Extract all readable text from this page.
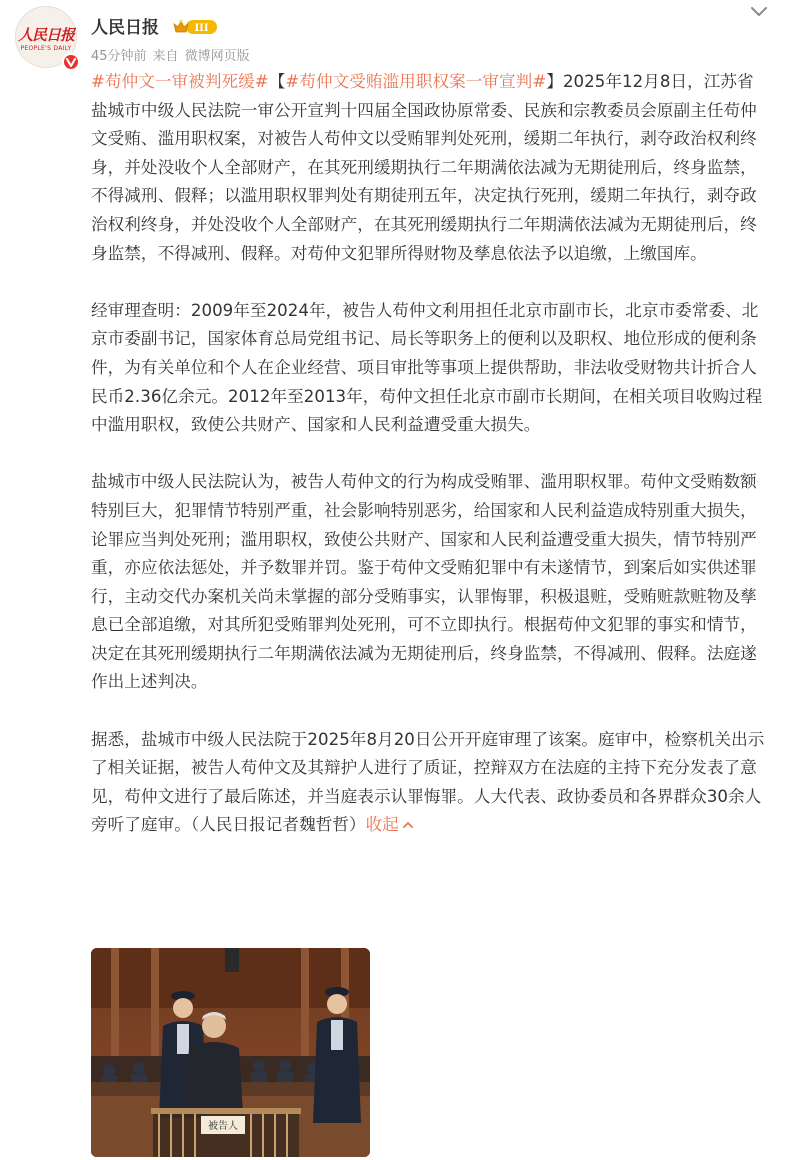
人民日报
PEOPLE'S DAILY
人民日报	III
45分钟前 来自 微博网页版

#苟仲文一审被判死缓#【#苟仲文受贿滥用职权案一审宣判#】2025年12月8日，江苏省盐城市中级人民法院一审公开宣判十四届全国政协原常委、民族和宗教委员会原副主任苟仲文受贿、滥用职权案，对被告人苟仲文以受贿罪判处死刑，缓期二年执行，剥夺政治权利终身，并处没收个人全部财产，在其死刑缓期执行二年期满依法减为无期徒刑后，终身监禁，不得减刑、假释；以滥用职权罪判处有期徒刑五年，决定执行死刑，缓期二年执行，剥夺政治权利终身，并处没收个人全部财产，在其死刑缓期执行二年期满依法减为无期徒刑后，终身监禁，不得减刑、假释。对苟仲文犯罪所得财物及孳息依法予以追缴，上缴国库。

经审理查明：2009年至2024年，被告人苟仲文利用担任北京市副市长，北京市委常委、北京市委副书记，国家体育总局党组书记、局长等职务上的便利以及职权、地位形成的便利条件，为有关单位和个人在企业经营、项目审批等事项上提供帮助，非法收受财物共计折合人民币2.36亿余元。2012年至2013年，苟仲文担任北京市副市长期间，在相关项目收购过程中滥用职权，致使公共财产、国家和人民利益遭受重大损失。

盐城市中级人民法院认为，被告人苟仲文的行为构成受贿罪、滥用职权罪。苟仲文受贿数额特别巨大，犯罪情节特别严重，社会影响特别恶劣，给国家和人民利益造成特别重大损失，论罪应当判处死刑；滥用职权，致使公共财产、国家和人民利益遭受重大损失，情节特别严重，亦应依法惩处，并予数罪并罚。鉴于苟仲文受贿犯罪中有未遂情节，到案后如实供述罪行，主动交代办案机关尚未掌握的部分受贿事实，认罪悔罪，积极退赃，受贿赃款赃物及孳息已全部追缴，对其所犯受贿罪判处死刑，可不立即执行。根据苟仲文犯罪的事实和情节，决定在其死刑缓期执行二年期满依法减为无期徒刑后，终身监禁，不得减刑、假释。法庭遂作出上述判决。

据悉，盐城市中级人民法院于2025年8月20日公开开庭审理了该案。庭审中，检察机关出示了相关证据，被告人苟仲文及其辩护人进行了质证，控辩双方在法庭的主持下充分发表了意见，苟仲文进行了最后陈述，并当庭表示认罪悔罪。人大代表、政协委员和各界群众30余人旁听了庭审。（人民日报记者魏哲哲）收起

被告人
